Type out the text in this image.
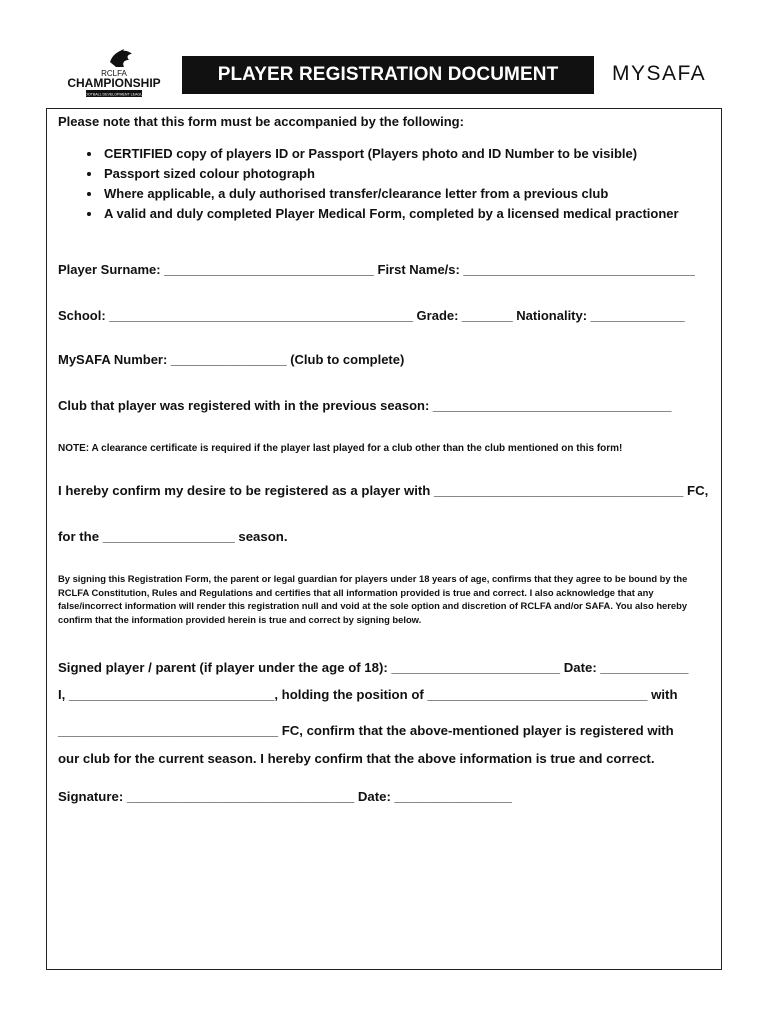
RCLFA
CHAMPIONSHIP
FOOTBALL DEVELOPMENT LEAGUE
PLAYER REGISTRATION DOCUMENT	MYSAFA
Please note that this form must be accompanied by the following:
• CERTIFIED copy of players ID or Passport (Players photo and ID Number to be visible)
• Passport sized colour photograph
• Where applicable, a duly authorised transfer/clearance letter from a previous club
• A valid and duly completed Player Medical Form, completed by a licensed medical practioner
Player Surname: _____________________________ First Name/s: ________________________________
School: __________________________________________ Grade: _______ Nationality: _____________
MySAFA Number: ________________ (Club to complete)
Club that player was registered with in the previous season: _________________________________
NOTE: A clearance certificate is required if the player last played for a club other than the club mentioned on this form!
I hereby confirm my desire to be registered as a player with __________________________________ FC,
for the __________________ season.
By signing this Registration Form, the parent or legal guardian for players under 18 years of age, confirms that they agree to be bound by the RCLFA Constitution, Rules and Regulations and certifies that all information provided is true and correct. I also acknowledge that any false/incorrect information will render this registration null and void at the sole option and discretion of RCLFA and/or SAFA. You also hereby confirm that the information provided herein is true and correct by signing below.
Signed player / parent (if player under the age of 18): _______________________ Date: ____________
I, ____________________________, holding the position of ______________________________ with
______________________________ FC, confirm that the above-mentioned player is registered with
our club for the current season. I hereby confirm that the above information is true and correct.
Signature: _______________________________ Date: ________________
